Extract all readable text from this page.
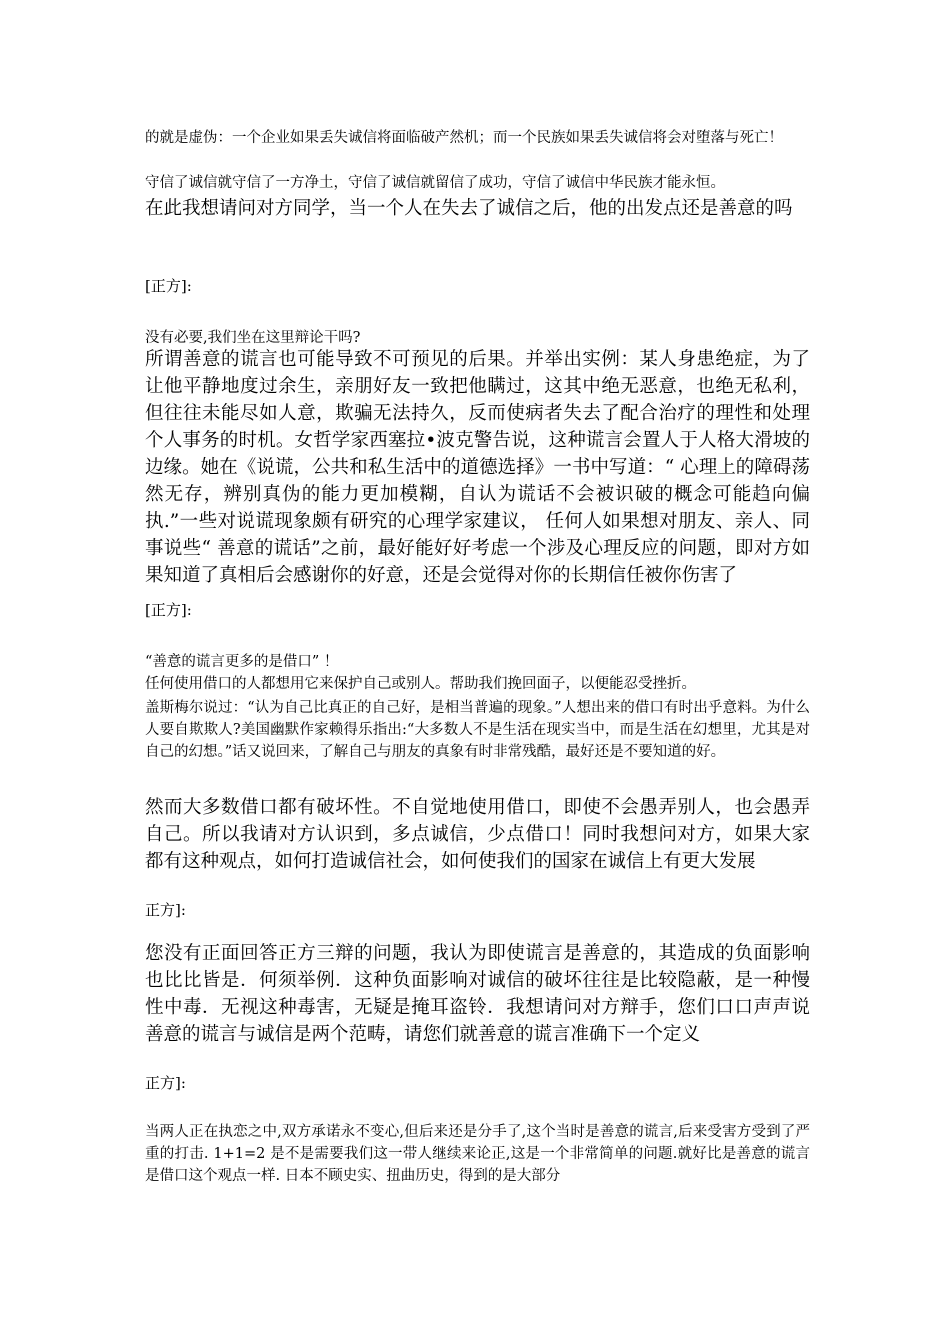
的就是虚伪：一个企业如果丢失诚信将面临破产然机；而一个民族如果丢失诚信将会对堕落与死亡！

守信了诚信就守信了一方净土，守信了诚信就留信了成功，守信了诚信中华民族才能永恒。

在此我想请问对方同学，当一个人在失去了诚信之后，他的出发点还是善意的吗

[正方]:

没有必要,我们坐在这里辩论干吗?

所谓善意的谎言也可能导致不可预见的后果。并举出实例：某人身患绝症，为了让他平静地度过余生，亲朋好友一致把他瞒过，这其中绝无恶意，也绝无私利，但往往未能尽如人意，欺骗无法持久，反而使病者失去了配合治疗的理性和处理个人事务的时机。女哲学家西塞拉•波克警告说，这种谎言会置人于人格大滑坡的边缘。她在《说谎，公共和私生活中的道德选择》一书中写道：“ 心理上的障碍荡然无存，辨别真伪的能力更加模糊，自认为谎话不会被识破的概念可能趋向偏执.”一些对说谎现象颇有研究的心理学家建议， 任何人如果想对朋友、亲人、同事说些“ 善意的谎话”之前，最好能好好考虑一个涉及心理反应的问题，即对方如果知道了真相后会感谢你的好意，还是会觉得对你的长期信任被你伤害了

[正方]:

“善意的谎言更多的是借口” ！

任何使用借口的人都想用它来保护自己或别人。帮助我们挽回面子，以便能忍受挫折。

盖斯梅尔说过：“认为自己比真正的自己好，是相当普遍的现象。”人想出来的借口有时出乎意料。为什么人要自欺欺人?美国幽默作家赖得乐指出:“大多数人不是生活在现实当中，而是生活在幻想里，尤其是对自己的幻想。”话又说回来，了解自己与朋友的真象有时非常残酷，最好还是不要知道的好。

然而大多数借口都有破坏性。不自觉地使用借口，即使不会愚弄别人，也会愚弄自己。所以我请对方认识到，多点诚信，少点借口！同时我想问对方，如果大家都有这种观点，如何打造诚信社会，如何使我们的国家在诚信上有更大发展

正方]:

您没有正面回答正方三辩的问题，我认为即使谎言是善意的，其造成的负面影响也比比皆是．何须举例．这种负面影响对诚信的破坏往往是比较隐蔽，是一种慢性中毒．无视这种毒害，无疑是掩耳盗铃．我想请问对方辩手，您们口口声声说善意的谎言与诚信是两个范畴，请您们就善意的谎言准确下一个定义

正方]:

当两人正在执恋之中,双方承诺永不变心,但后来还是分手了,这个当时是善意的谎言,后来受害方受到了严重的打击. 1+1=2 是不是需要我们这一带人继续来论正,这是一个非常简单的问题.就好比是善意的谎言是借口这个观点一样. 日本不顾史实、扭曲历史，得到的是大部分
